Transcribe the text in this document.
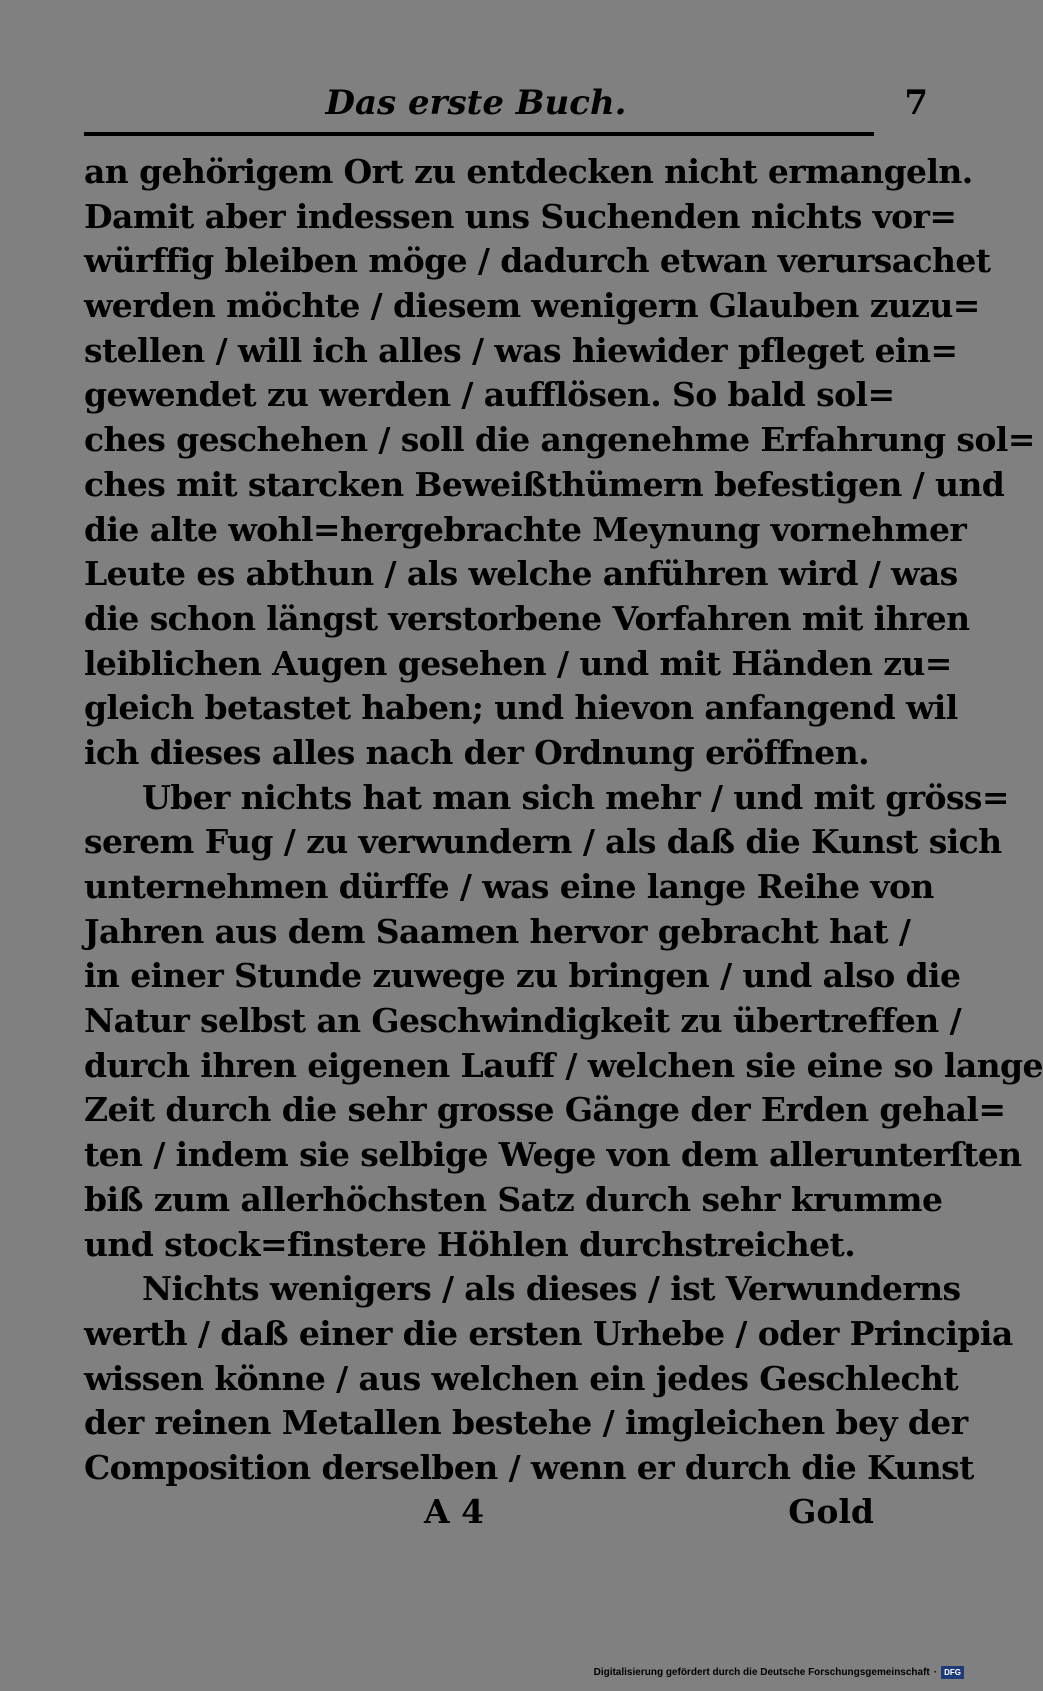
Das erste Buch.	7
an gehörigem Ort zu entdecken nicht ermangeln.
Damit aber indessen uns Suchenden nichts vor=
würffig bleiben möge / dadurch etwan verursachet
werden möchte / diesem wenigern Glauben zuzu=
stellen / will ich alles / was hiewider pfleget ein=
gewendet zu werden / aufflösen. So bald sol=
ches geschehen / soll die angenehme Erfahrung sol=
ches mit starcken Beweißthümern befestigen / und
die alte wohl=hergebrachte Meynung vornehmer
Leute es abthun / als welche anführen wird / was
die schon längst verstorbene Vorfahren mit ihren
leiblichen Augen gesehen / und mit Händen zu=
gleich betastet haben; und hievon anfangend wil
ich dieses alles nach der Ordnung eröffnen.
Uber nichts hat man sich mehr / und mit gröss=
serem Fug / zu verwundern / als daß die Kunst sich
unternehmen dürffe / was eine lange Reihe von
Jahren aus dem Saamen hervor gebracht hat /
in einer Stunde zuwege zu bringen / und also die
Natur selbst an Geschwindigkeit zu übertreffen /
durch ihren eigenen Lauff / welchen sie eine so lange
Zeit durch die sehr grosse Gänge der Erden gehal=
ten / indem sie selbige Wege von dem allerunterſten
biß zum allerhöchsten Satz durch sehr krumme
und stock=finstere Höhlen durchstreichet.
Nichts wenigers / als dieses / ist Verwunderns
werth / daß einer die ersten Urhebe / oder Principia
wissen könne / aus welchen ein jedes Geschlecht
der reinen Metallen bestehe / imgleichen bey der
Composition derselben / wenn er durch die Kunst
A 4	Gold
Digitalisierung gefördert durch die Deutsche Forschungsgemeinschaft · DFG
